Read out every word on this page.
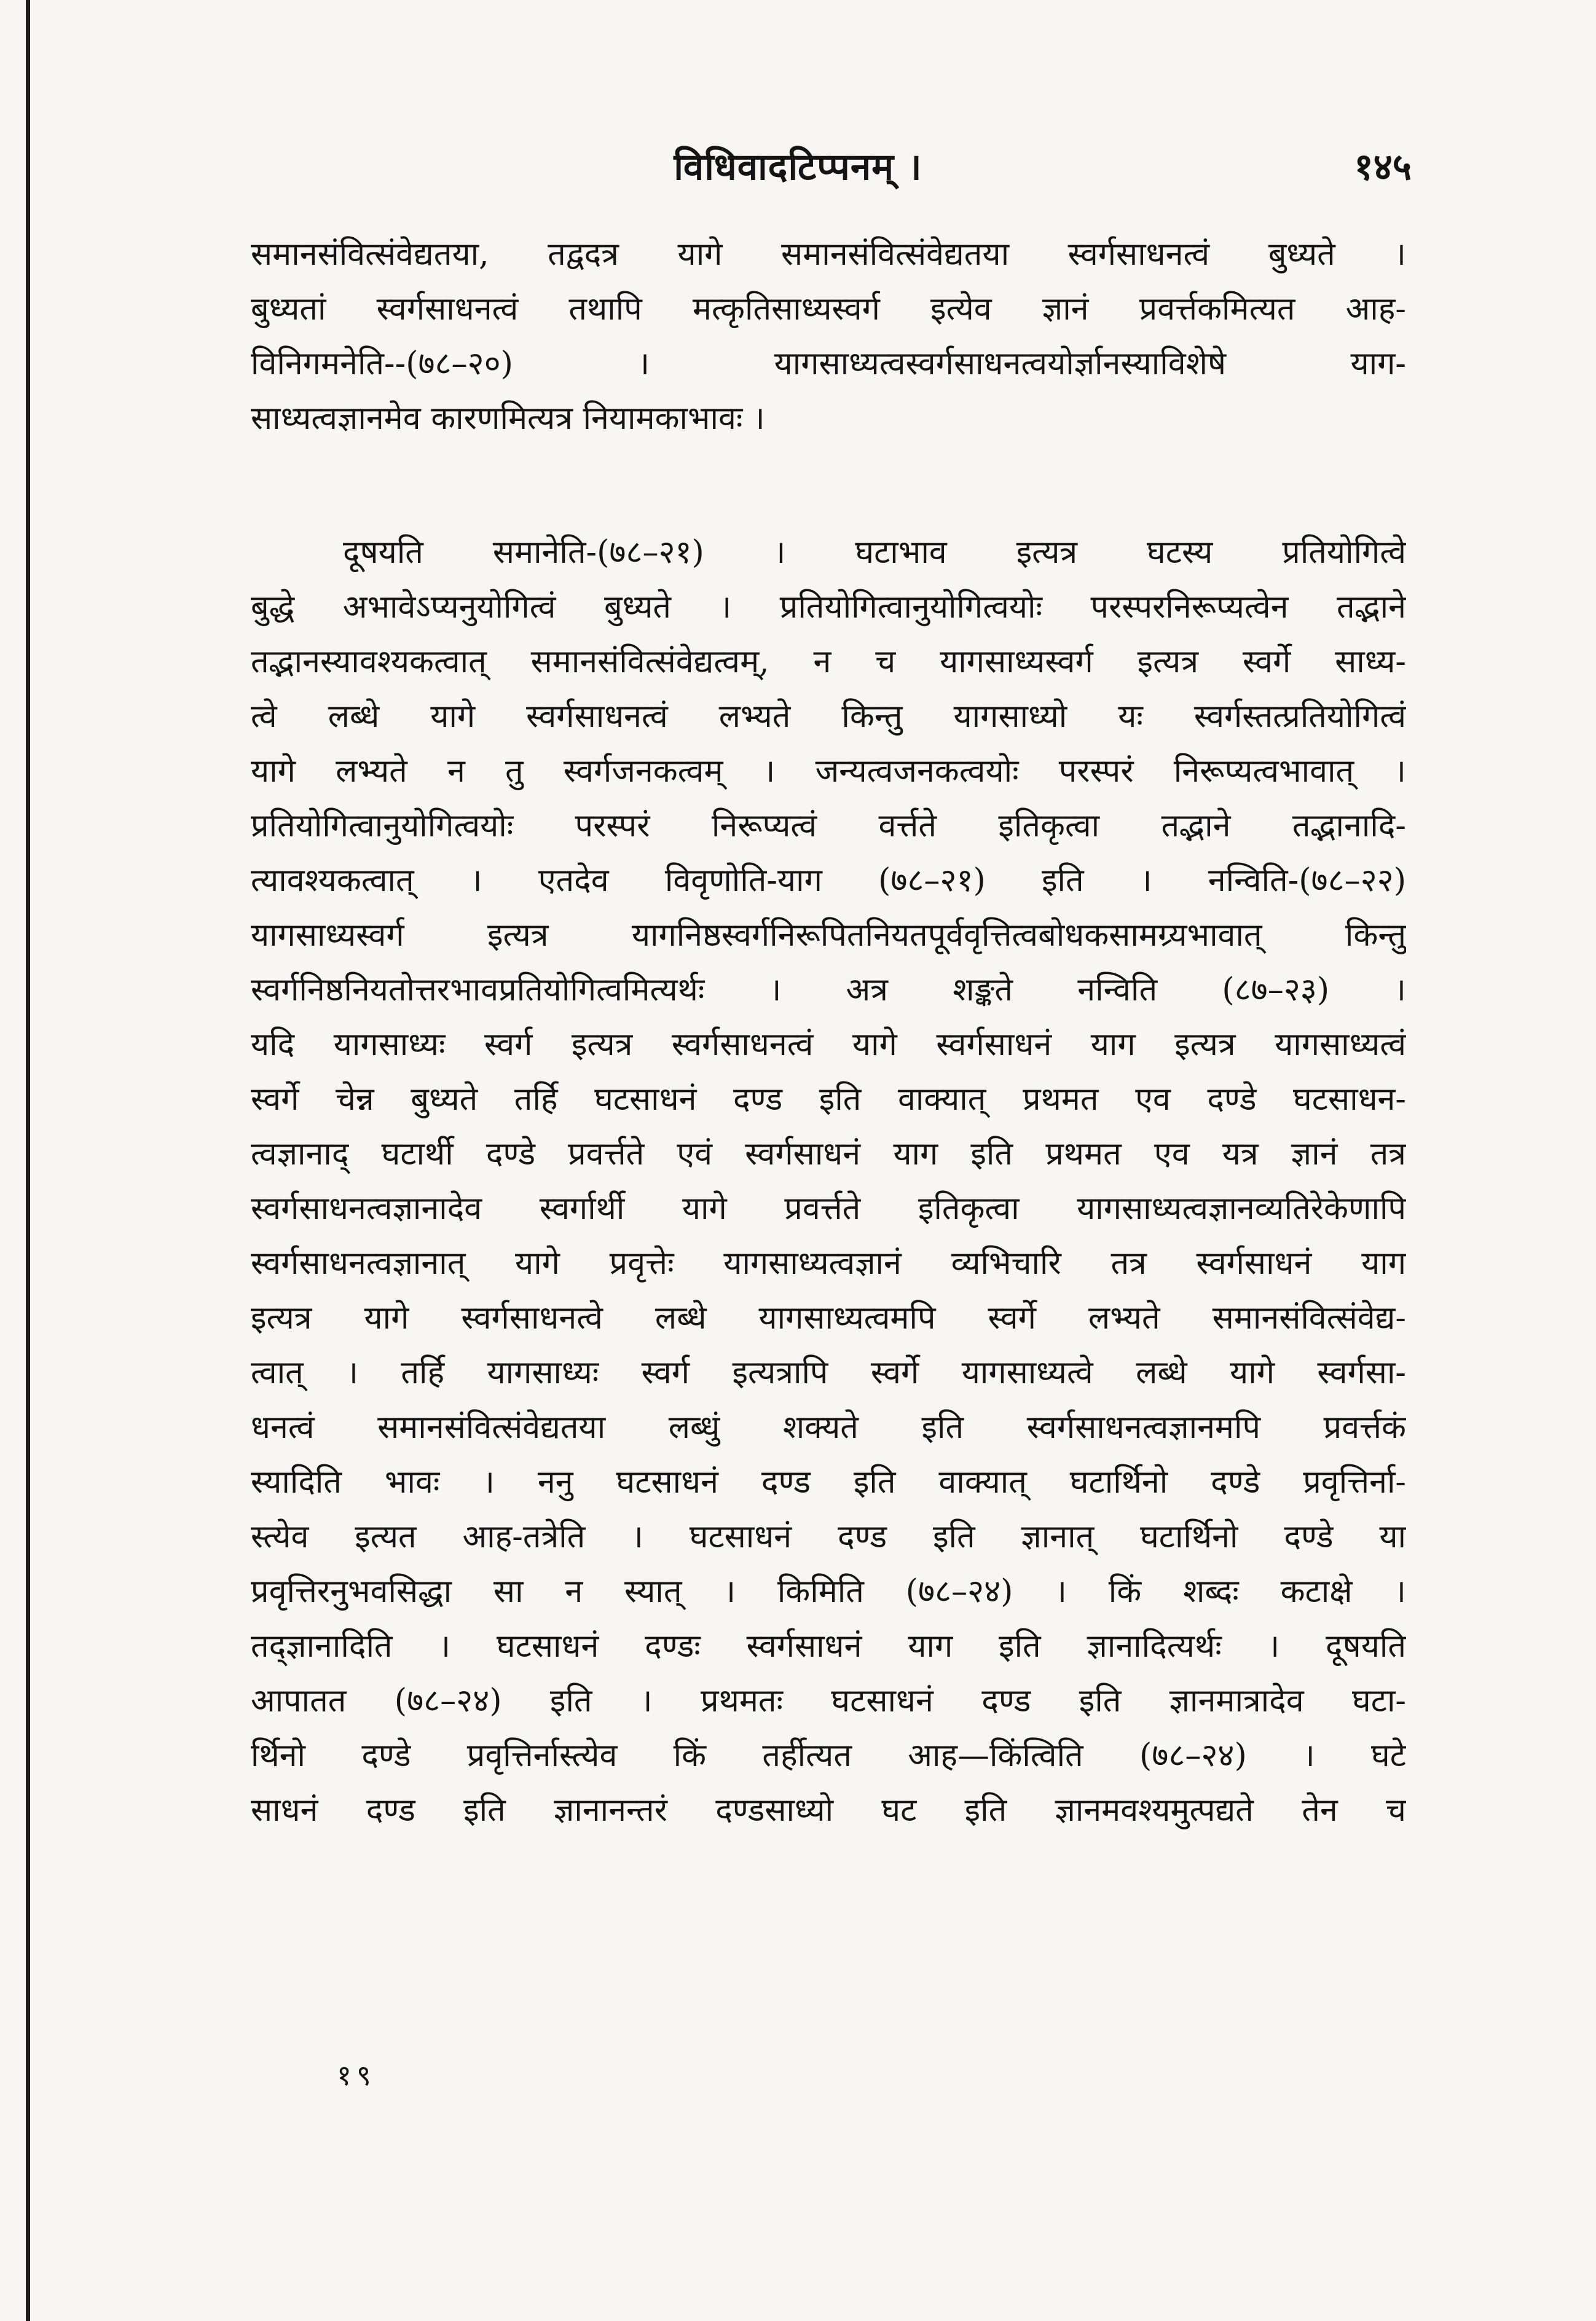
विधिवादटिप्पनम् ।	१४५
समानसंवित्संवेद्यतया, तद्वदत्र यागे समानसंवित्संवेद्यतया स्वर्गसाधनत्वं बुध्यते ।
बुध्यतां स्वर्गसाधनत्वं तथापि मत्कृतिसाध्यस्वर्ग इत्येव ज्ञानं प्रवर्त्तकमित्यत आह-
विनिगमनेति--(७८–२०) । यागसाध्यत्वस्वर्गसाधनत्वयोर्ज्ञानस्याविशेषे याग-
साध्यत्वज्ञानमेव कारणमित्यत्र नियामकाभावः ।
दूषयति समानेति-(७८–२१) । घटाभाव इत्यत्र घटस्य प्रतियोगित्वे
बुद्धे अभावेऽप्यनुयोगित्वं बुध्यते । प्रतियोगित्वानुयोगित्वयोः परस्परनिरूप्यत्वेन तद्भाने
तद्भानस्यावश्यकत्वात् समानसंवित्संवेद्यत्वम्, न च यागसाध्यस्वर्ग इत्यत्र स्वर्गे साध्य-
त्वे लब्धे यागे स्वर्गसाधनत्वं लभ्यते किन्तु यागसाध्यो यः स्वर्गस्तत्प्रतियोगित्वं
यागे लभ्यते न तु स्वर्गजनकत्वम् । जन्यत्वजनकत्वयोः परस्परं निरूप्यत्वभावात् ।
प्रतियोगित्वानुयोगित्वयोः परस्परं निरूप्यत्वं वर्त्तते इतिकृत्वा तद्भाने तद्भानादि-
त्यावश्यकत्वात् । एतदेव विवृणोति-याग (७८–२१) इति । नन्विति-(७८–२२)
यागसाध्यस्वर्ग इत्यत्र यागनिष्ठस्वर्गनिरूपितनियतपूर्ववृत्तित्वबोधकसामग्र्यभावात् किन्तु
स्वर्गनिष्ठनियतोत्तरभावप्रतियोगित्वमित्यर्थः । अत्र शङ्कते नन्विति (८७–२३) ।
यदि यागसाध्यः स्वर्ग इत्यत्र स्वर्गसाधनत्वं यागे स्वर्गसाधनं याग इत्यत्र यागसाध्यत्वं
स्वर्गे चेन्न बुध्यते तर्हि घटसाधनं दण्ड इति वाक्यात् प्रथमत एव दण्डे घटसाधन-
त्वज्ञानाद् घटार्थी दण्डे प्रवर्त्तते एवं स्वर्गसाधनं याग इति प्रथमत एव यत्र ज्ञानं तत्र
स्वर्गसाधनत्वज्ञानादेव स्वर्गार्थी यागे प्रवर्त्तते इतिकृत्वा यागसाध्यत्वज्ञानव्यतिरेकेणापि
स्वर्गसाधनत्वज्ञानात् यागे प्रवृत्तेः यागसाध्यत्वज्ञानं व्यभिचारि तत्र स्वर्गसाधनं याग
इत्यत्र यागे स्वर्गसाधनत्वे लब्धे यागसाध्यत्वमपि स्वर्गे लभ्यते समानसंवित्संवेद्य-
त्वात् । तर्हि यागसाध्यः स्वर्ग इत्यत्रापि स्वर्गे यागसाध्यत्वे लब्धे यागे स्वर्गसा-
धनत्वं समानसंवित्संवेद्यतया लब्धुं शक्यते इति स्वर्गसाधनत्वज्ञानमपि प्रवर्त्तकं
स्यादिति भावः । ननु घटसाधनं दण्ड इति वाक्यात् घटार्थिनो दण्डे प्रवृत्तिर्ना-
स्त्येव इत्यत आह-तत्रेति । घटसाधनं दण्ड इति ज्ञानात् घटार्थिनो दण्डे या
प्रवृत्तिरनुभवसिद्धा सा न स्यात् । किमिति (७८–२४) । किं शब्दः कटाक्षे ।
तद्ज्ञानादिति । घटसाधनं दण्डः स्वर्गसाधनं याग इति ज्ञानादित्यर्थः । दूषयति
आपातत (७८–२४) इति । प्रथमतः घटसाधनं दण्ड इति ज्ञानमात्रादेव घटा-
र्थिनो दण्डे प्रवृत्तिर्नास्त्येव किं तर्हीत्यत आह—किंत्विति (७८–२४) । घटे
साधनं दण्ड इति ज्ञानानन्तरं दण्डसाध्यो घट इति ज्ञानमवश्यमुत्पद्यते तेन च
१९
